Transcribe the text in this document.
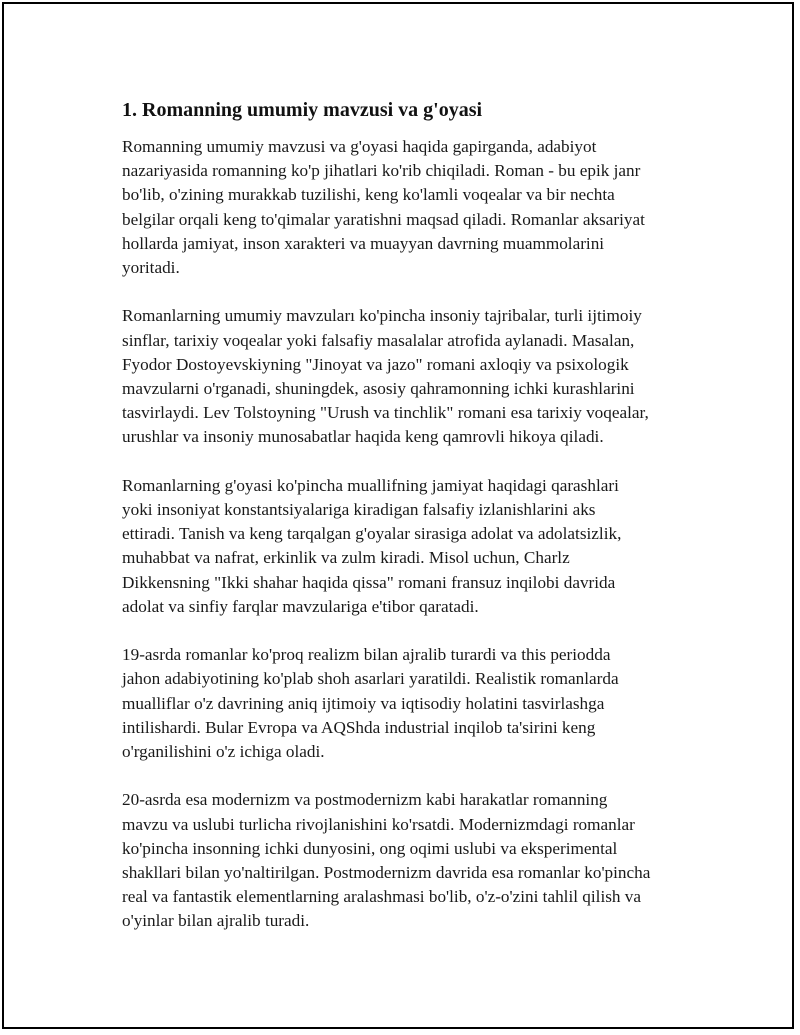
1. Romanning umumiy mavzusi va g'oyasi

Romanning umumiy mavzusi va g'oyasi haqida gapirganda, adabiyot
nazariyasida romanning ko'p jihatlari ko'rib chiqiladi. Roman - bu epik janr
bo'lib, o'zining murakkab tuzilishi, keng ko'lamli voqealar va bir nechta
belgilar orqali keng to'qimalar yaratishni maqsad qiladi. Romanlar aksariyat
hollarda jamiyat, inson xarakteri va muayyan davrning muammolarini
yoritadi.

Romanlarning umumiy mavzuları ko'pincha insoniy tajribalar, turli ijtimoiy
sinflar, tarixiy voqealar yoki falsafiy masalalar atrofida aylanadi. Masalan,
Fyodor Dostoyevskiyning "Jinoyat va jazo" romani axloqiy va psixologik
mavzularni o'rganadi, shuningdek, asosiy qahramonning ichki kurashlarini
tasvirlaydi. Lev Tolstoyning "Urush va tinchlik" romani esa tarixiy voqealar,
urushlar va insoniy munosabatlar haqida keng qamrovli hikoya qiladi.

Romanlarning g'oyasi ko'pincha muallifning jamiyat haqidagi qarashlari
yoki insoniyat konstantsiyalariga kiradigan falsafiy izlanishlarini aks
ettiradi. Tanish va keng tarqalgan g'oyalar sirasiga adolat va adolatsizlik,
muhabbat va nafrat, erkinlik va zulm kiradi. Misol uchun, Charlz
Dikkensning "Ikki shahar haqida qissa" romani fransuz inqilobi davrida
adolat va sinfiy farqlar mavzulariga e'tibor qaratadi.

19-asrda romanlar ko'proq realizm bilan ajralib turardi va this periodda
jahon adabiyotining ko'plab shoh asarlari yaratildi. Realistik romanlarda
mualliflar o'z davrining aniq ijtimoiy va iqtisodiy holatini tasvirlashga
intilishardi. Bular Evropa va AQShda industrial inqilob ta'sirini keng
o'rganilishini o'z ichiga oladi.

20-asrda esa modernizm va postmodernizm kabi harakatlar romanning
mavzu va uslubi turlicha rivojlanishini ko'rsatdi. Modernizmdagi romanlar
ko'pincha insonning ichki dunyosini, ong oqimi uslubi va eksperimental
shakllari bilan yo'naltirilgan. Postmodernizm davrida esa romanlar ko'pincha
real va fantastik elementlarning aralashmasi bo'lib, o'z-o'zini tahlil qilish va
o'yinlar bilan ajralib turadi.
